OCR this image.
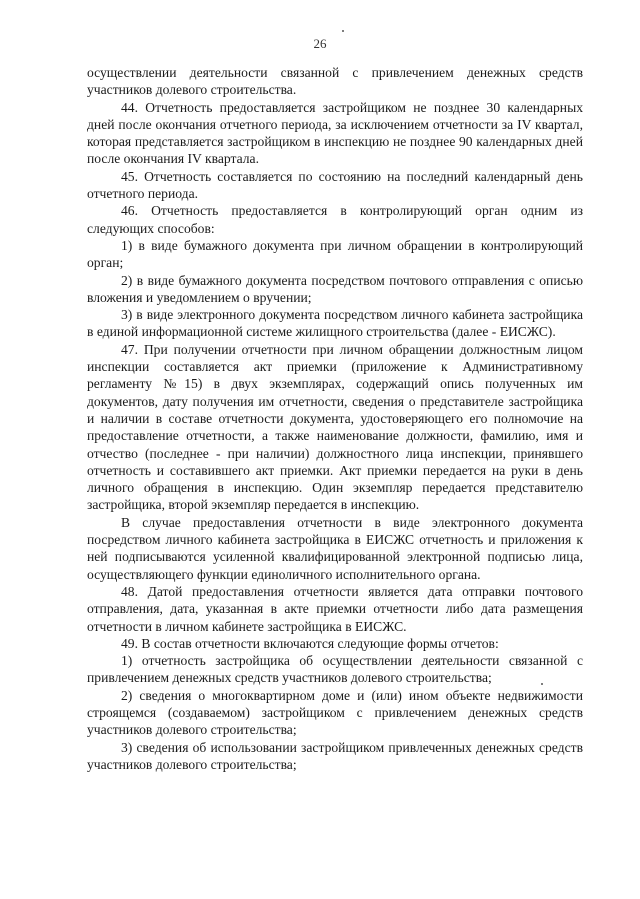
26

осуществлении деятельности связанной с привлечением денежных средств участников долевого строительства.

44. Отчетность предоставляется застройщиком не позднее 30 календарных дней после окончания отчетного периода, за исключением отчетности за IV квартал, которая представляется застройщиком в инспекцию не позднее 90 календарных дней после окончания IV квартала.

45. Отчетность составляется по состоянию на последний календарный день отчетного периода.

46. Отчетность предоставляется в контролирующий орган одним из следующих способов:

1) в виде бумажного документа при личном обращении в контролирующий орган;

2) в виде бумажного документа посредством почтового отправления с описью вложения и уведомлением о вручении;

3) в виде электронного документа посредством личного кабинета застройщика в единой информационной системе жилищного строительства (далее - ЕИСЖС).

47. При получении отчетности при личном обращении должностным лицом инспекции составляется акт приемки (приложение к Административному регламенту №15) в двух экземплярах, содержащий опись полученных им документов, дату получения им отчетности, сведения о представителе застройщика и наличии в составе отчетности документа, удостоверяющего его полномочие на предоставление отчетности, а также наименование должности, фамилию, имя и отчество (последнее - при наличии) должностного лица инспекции, принявшего отчетность и составившего акт приемки. Акт приемки передается на руки в день личного обращения в инспекцию. Один экземпляр передается представителю застройщика, второй экземпляр передается в инспекцию.

В случае предоставления отчетности в виде электронного документа посредством личного кабинета застройщика в ЕИСЖС отчетность и приложения к ней подписываются усиленной квалифицированной электронной подписью лица, осуществляющего функции единоличного исполнительного органа.

48. Датой предоставления отчетности является дата отправки почтового отправления, дата, указанная в акте приемки отчетности либо дата размещения отчетности в личном кабинете застройщика в ЕИСЖС.

49. В состав отчетности включаются следующие формы отчетов:

1) отчетность застройщика об осуществлении деятельности связанной с привлечением денежных средств участников долевого строительства;

2) сведения о многоквартирном доме и (или) ином объекте недвижимости строящемся (создаваемом) застройщиком с привлечением денежных средств участников долевого строительства;

3) сведения об использовании застройщиком привлеченных денежных средств участников долевого строительства;
